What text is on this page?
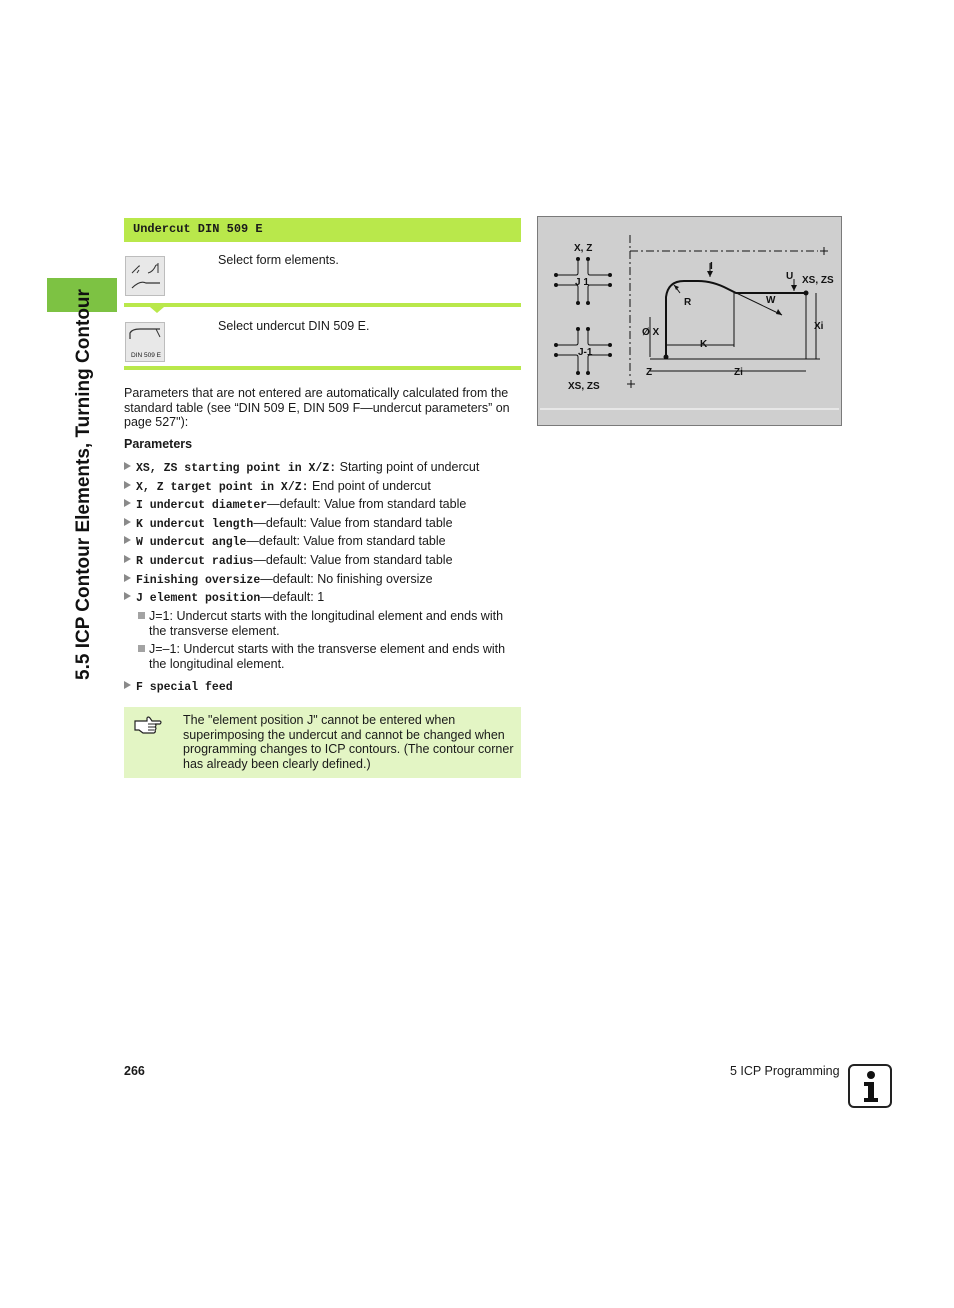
5.5 ICP Contour Elements, Turning Contour
Undercut DIN 509 E
Select form elements.
DIN 509 E
Select undercut DIN 509 E.
Parameters that are not entered are automatically calculated from the standard table (see “DIN 509 E, DIN 509 F—undercut parameters” on page 527"):
Parameters
XS, ZS starting point in X/Z: Starting point of undercut
X, Z target point in X/Z: End point of undercut
I undercut diameter—default: Value from standard table
K undercut length—default: Value from standard table
W undercut angle—default: Value from standard table
R undercut radius—default: Value from standard table
Finishing oversize—default: No finishing oversize
J element position—default: 1
J=1: Undercut starts with the longitudinal element and ends with the transverse element.
J=–1: Undercut starts with the transverse element and ends with the longitudinal element.
F special feed
The "element position J" cannot be entered when superimposing the undercut and cannot be changed when programming changes to ICP contours. (The contour corner has already been clearly defined.)
X, Z
J 1
J-1
XS, ZS
I
U XS, ZS
R	W
Xi
Ø X
K
Z	Zi
266	5 ICP Programming
